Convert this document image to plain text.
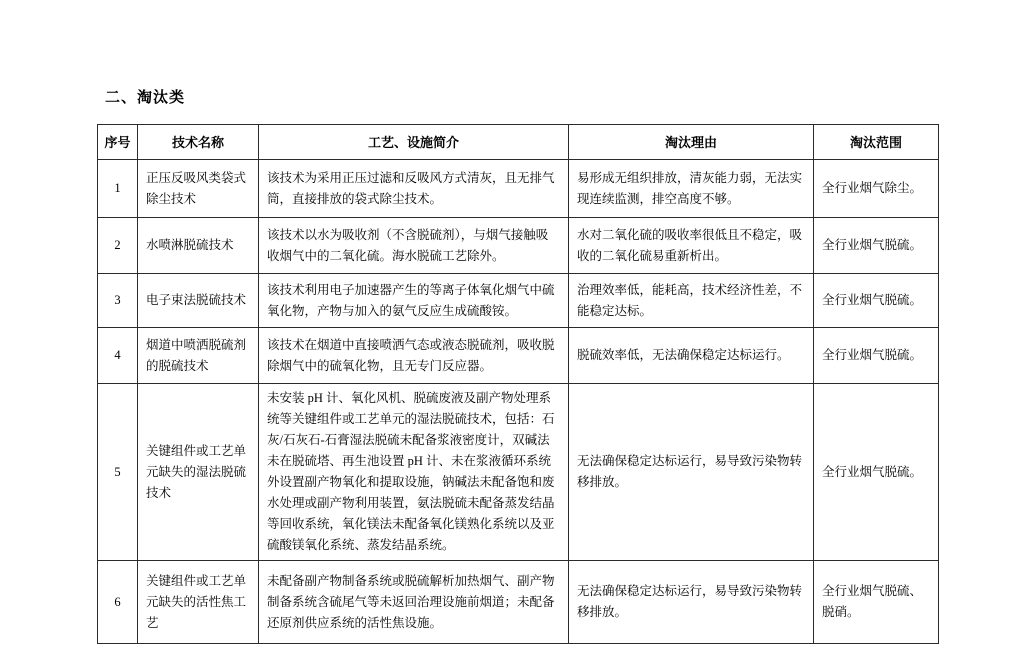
二、淘汰类
序号	技术名称	工艺、设施简介	淘汰理由	淘汰范围
1	正压反吸风类袋式除尘技术	该技术为采用正压过滤和反吸风方式清灰，且无排气筒，直接排放的袋式除尘技术。	易形成无组织排放，清灰能力弱，无法实现连续监测，排空高度不够。	全行业烟气除尘。
2	水喷淋脱硫技术	该技术以水为吸收剂（不含脱硫剂），与烟气接触吸收烟气中的二氧化硫。海水脱硫工艺除外。	水对二氧化硫的吸收率很低且不稳定，吸收的二氧化硫易重新析出。	全行业烟气脱硫。
3	电子束法脱硫技术	该技术利用电子加速器产生的等离子体氧化烟气中硫氧化物，产物与加入的氨气反应生成硫酸铵。	治理效率低，能耗高，技术经济性差，不能稳定达标。	全行业烟气脱硫。
4	烟道中喷洒脱硫剂的脱硫技术	该技术在烟道中直接喷洒气态或液态脱硫剂，吸收脱除烟气中的硫氧化物，且无专门反应器。	脱硫效率低，无法确保稳定达标运行。	全行业烟气脱硫。
5	关键组件或工艺单元缺失的湿法脱硫技术	未安装 pH 计、氧化风机、脱硫废液及副产物处理系统等关键组件或工艺单元的湿法脱硫技术，包括：石灰/石灰石-石膏湿法脱硫未配备浆液密度计，双碱法未在脱硫塔、再生池设置 pH 计、未在浆液循环系统外设置副产物氧化和提取设施，钠碱法未配备饱和废水处理或副产物利用装置，氨法脱硫未配备蒸发结晶等回收系统，氧化镁法未配备氧化镁熟化系统以及亚硫酸镁氧化系统、蒸发结晶系统。	无法确保稳定达标运行，易导致污染物转移排放。	全行业烟气脱硫。
6	关键组件或工艺单元缺失的活性焦工艺	未配备副产物制备系统或脱硫解析加热烟气、副产物制备系统含硫尾气等未返回治理设施前烟道；未配备还原剂供应系统的活性焦设施。	无法确保稳定达标运行，易导致污染物转移排放。	全行业烟气脱硫、脱硝。
